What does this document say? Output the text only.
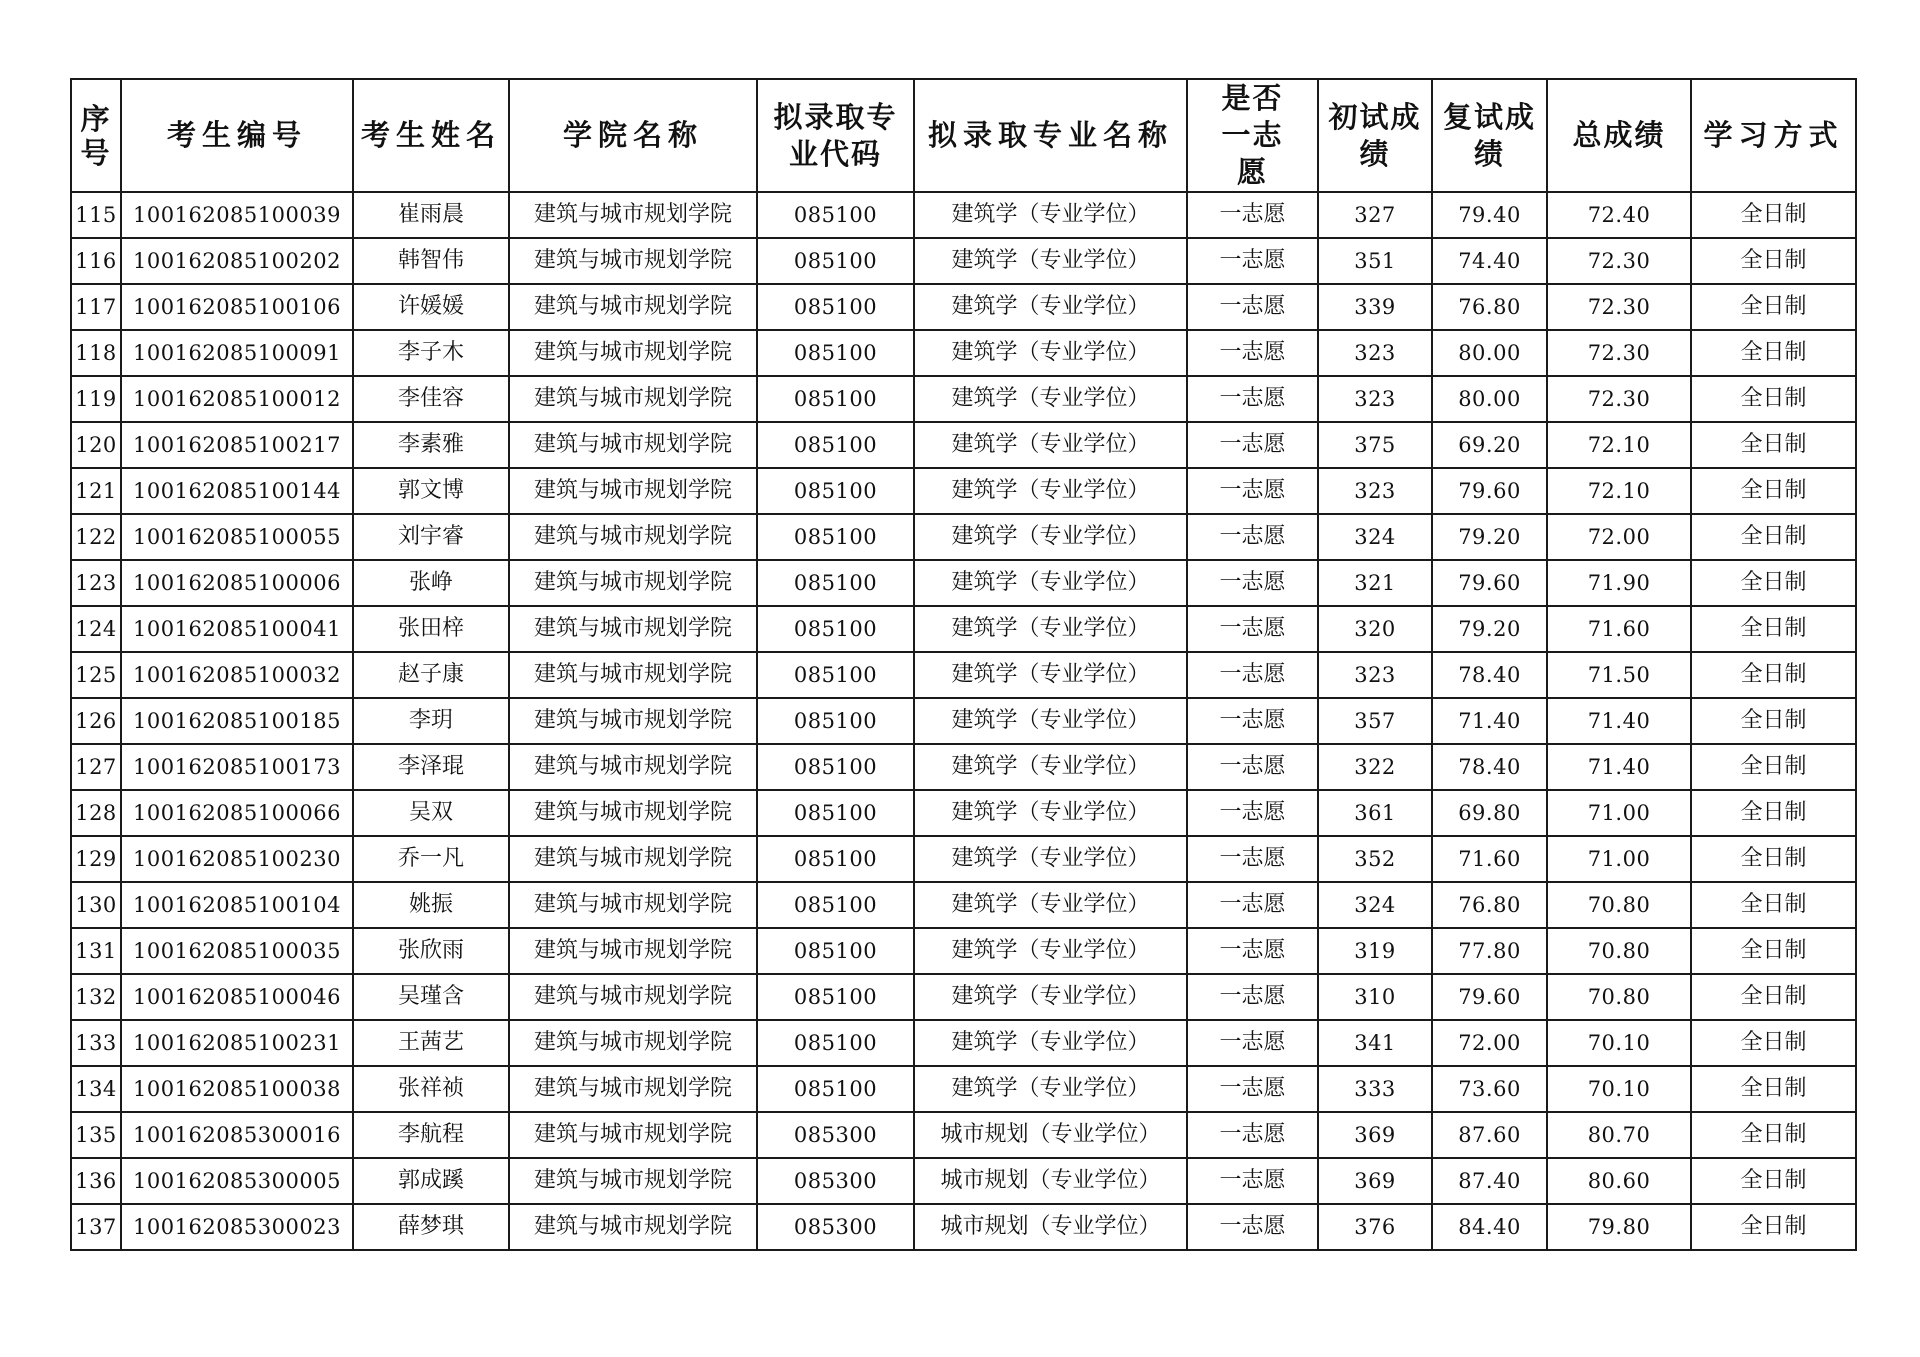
序号	考生编号	考生姓名	学院名称	拟录取专业代码	拟录取专业名称	是否一志愿	初试成绩	复试成绩	总成绩	学习方式
115	100162085100039	崔雨晨	建筑与城市规划学院	085100	建筑学（专业学位）	一志愿	327	79.40	72.40	全日制
116	100162085100202	韩智伟	建筑与城市规划学院	085100	建筑学（专业学位）	一志愿	351	74.40	72.30	全日制
117	100162085100106	许媛媛	建筑与城市规划学院	085100	建筑学（专业学位）	一志愿	339	76.80	72.30	全日制
118	100162085100091	李子木	建筑与城市规划学院	085100	建筑学（专业学位）	一志愿	323	80.00	72.30	全日制
119	100162085100012	李佳容	建筑与城市规划学院	085100	建筑学（专业学位）	一志愿	323	80.00	72.30	全日制
120	100162085100217	李素雅	建筑与城市规划学院	085100	建筑学（专业学位）	一志愿	375	69.20	72.10	全日制
121	100162085100144	郭文博	建筑与城市规划学院	085100	建筑学（专业学位）	一志愿	323	79.60	72.10	全日制
122	100162085100055	刘宇睿	建筑与城市规划学院	085100	建筑学（专业学位）	一志愿	324	79.20	72.00	全日制
123	100162085100006	张峥	建筑与城市规划学院	085100	建筑学（专业学位）	一志愿	321	79.60	71.90	全日制
124	100162085100041	张田梓	建筑与城市规划学院	085100	建筑学（专业学位）	一志愿	320	79.20	71.60	全日制
125	100162085100032	赵子康	建筑与城市规划学院	085100	建筑学（专业学位）	一志愿	323	78.40	71.50	全日制
126	100162085100185	李玥	建筑与城市规划学院	085100	建筑学（专业学位）	一志愿	357	71.40	71.40	全日制
127	100162085100173	李泽琨	建筑与城市规划学院	085100	建筑学（专业学位）	一志愿	322	78.40	71.40	全日制
128	100162085100066	吴双	建筑与城市规划学院	085100	建筑学（专业学位）	一志愿	361	69.80	71.00	全日制
129	100162085100230	乔一凡	建筑与城市规划学院	085100	建筑学（专业学位）	一志愿	352	71.60	71.00	全日制
130	100162085100104	姚振	建筑与城市规划学院	085100	建筑学（专业学位）	一志愿	324	76.80	70.80	全日制
131	100162085100035	张欣雨	建筑与城市规划学院	085100	建筑学（专业学位）	一志愿	319	77.80	70.80	全日制
132	100162085100046	吴瑾含	建筑与城市规划学院	085100	建筑学（专业学位）	一志愿	310	79.60	70.80	全日制
133	100162085100231	王茜艺	建筑与城市规划学院	085100	建筑学（专业学位）	一志愿	341	72.00	70.10	全日制
134	100162085100038	张祥祯	建筑与城市规划学院	085100	建筑学（专业学位）	一志愿	333	73.60	70.10	全日制
135	100162085300016	李航程	建筑与城市规划学院	085300	城市规划（专业学位）	一志愿	369	87.60	80.70	全日制
136	100162085300005	郭成蹊	建筑与城市规划学院	085300	城市规划（专业学位）	一志愿	369	87.40	80.60	全日制
137	100162085300023	薛梦琪	建筑与城市规划学院	085300	城市规划（专业学位）	一志愿	376	84.40	79.80	全日制
